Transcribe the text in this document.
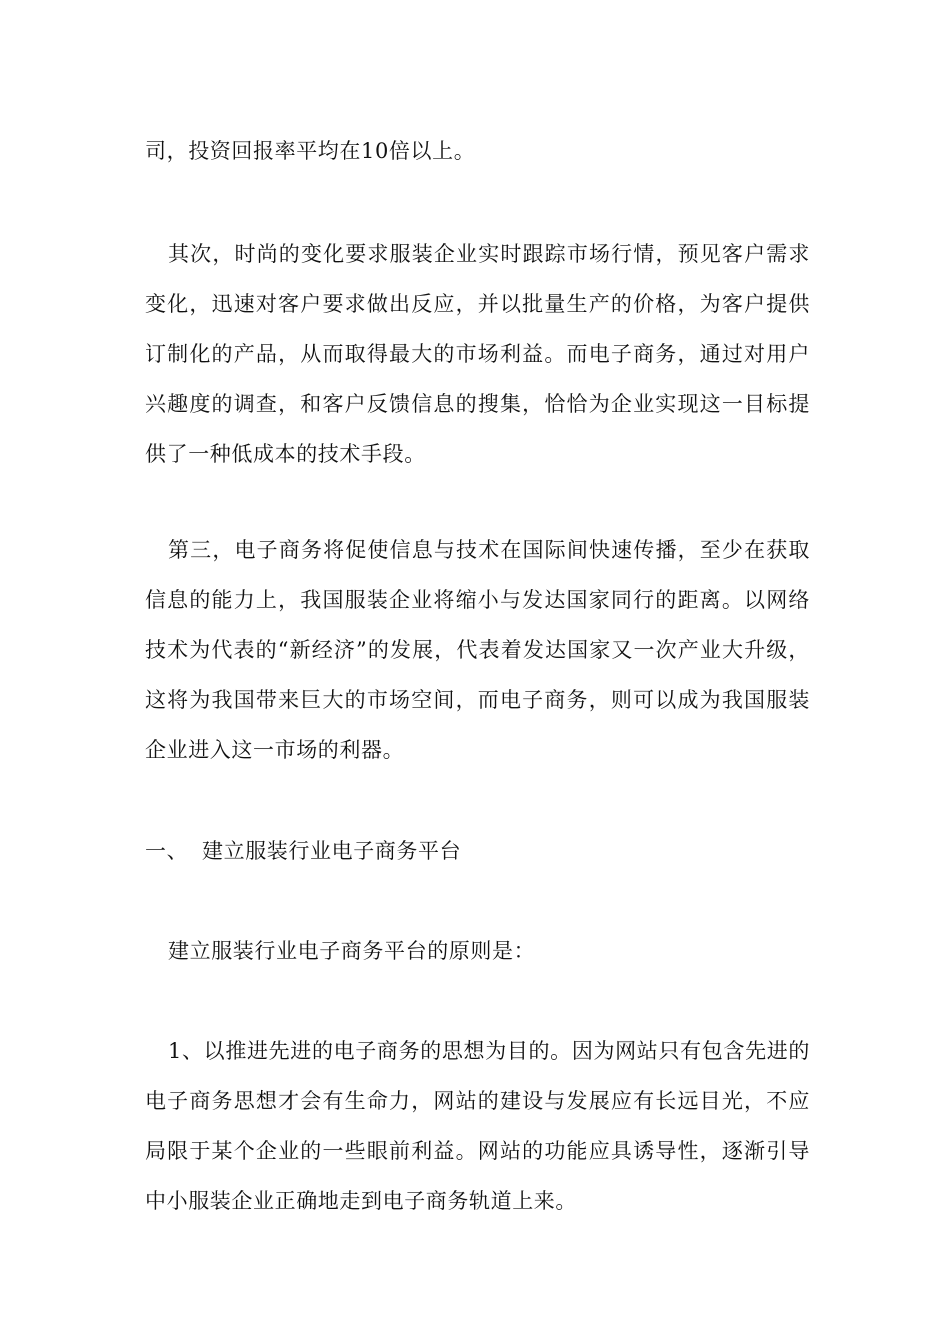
司，投资回报率平均在10倍以上。

其次，时尚的变化要求服装企业实时跟踪市场行情，预见客户需求变化，迅速对客户要求做出反应，并以批量生产的价格，为客户提供订制化的产品，从而取得最大的市场利益。而电子商务，通过对用户兴趣度的调查，和客户反馈信息的搜集，恰恰为企业实现这一目标提供了一种低成本的技术手段。

第三，电子商务将促使信息与技术在国际间快速传播，至少在获取信息的能力上，我国服装企业将缩小与发达国家同行的距离。以网络技术为代表的“新经济”的发展，代表着发达国家又一次产业大升级，这将为我国带来巨大的市场空间，而电子商务，则可以成为我国服装企业进入这一市场的利器。

一、 建立服装行业电子商务平台

建立服装行业电子商务平台的原则是：

1、以推进先进的电子商务的思想为目的。因为网站只有包含先进的电子商务思想才会有生命力，网站的建设与发展应有长远目光，不应局限于某个企业的一些眼前利益。网站的功能应具诱导性，逐渐引导中小服装企业正确地走到电子商务轨道上来。
